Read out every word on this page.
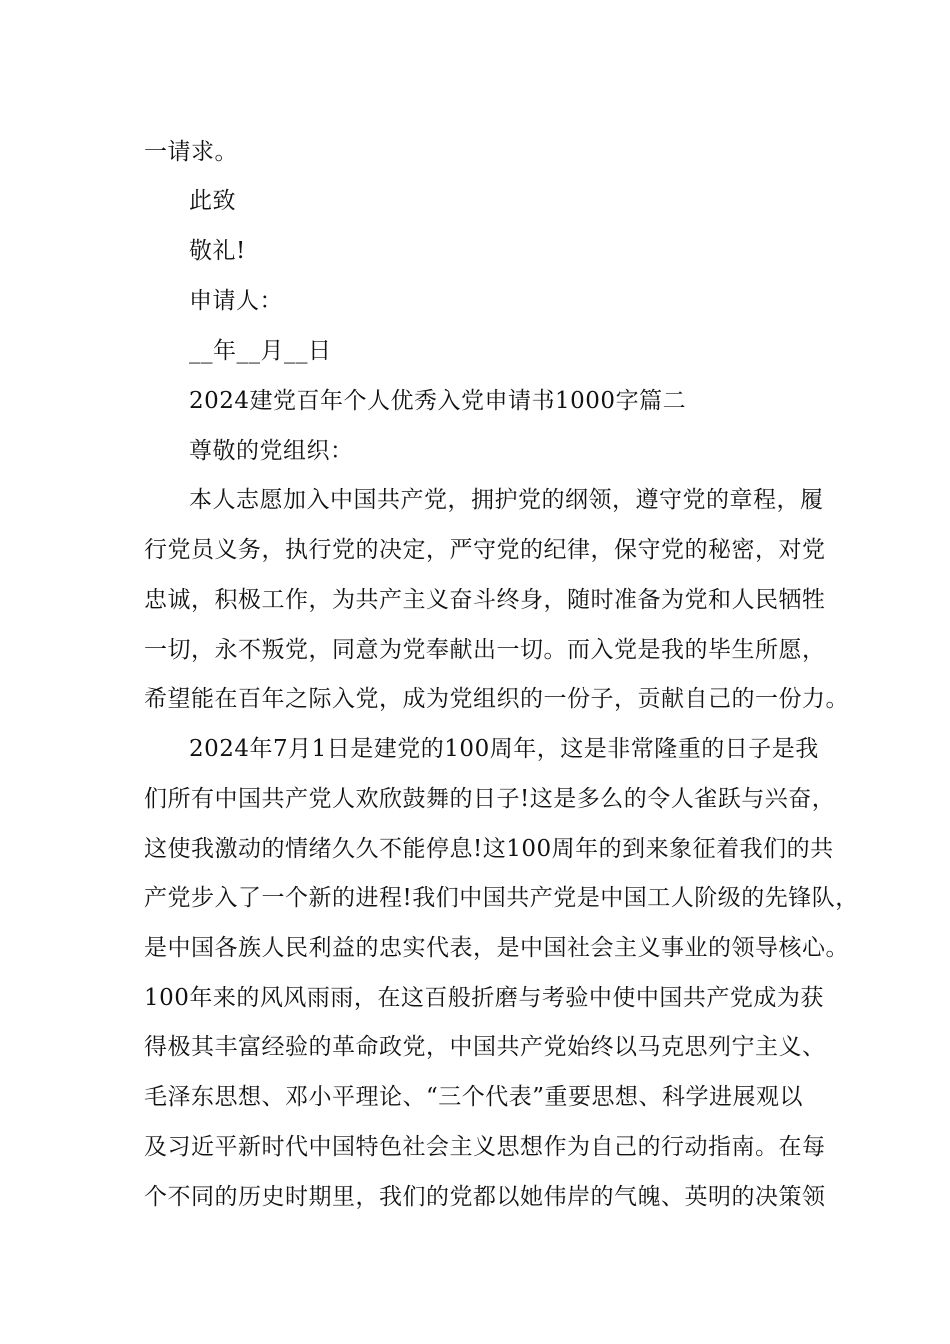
一请求。
此致
敬礼!
申请人：
__年__月__日
2024建党百年个人优秀入党申请书1000字篇二
尊敬的党组织：
本人志愿加入中国共产党，拥护党的纲领，遵守党的章程，履
行党员义务，执行党的决定，严守党的纪律，保守党的秘密，对党
忠诚，积极工作，为共产主义奋斗终身，随时准备为党和人民牺牲
一切，永不叛党，同意为党奉献出一切。而入党是我的毕生所愿，
希望能在百年之际入党，成为党组织的一份子，贡献自己的一份力。
2024年7月1日是建党的100周年，这是非常隆重的日子是我
们所有中国共产党人欢欣鼓舞的日子!这是多么的令人雀跃与兴奋，
这使我激动的情绪久久不能停息!这100周年的到来象征着我们的共
产党步入了一个新的进程!我们中国共产党是中国工人阶级的先锋队，
是中国各族人民利益的忠实代表，是中国社会主义事业的领导核心。
100年来的风风雨雨，在这百般折磨与考验中使中国共产党成为获
得极其丰富经验的革命政党，中国共产党始终以马克思列宁主义、
毛泽东思想、邓小平理论、“三个代表”重要思想、科学进展观以
及习近平新时代中国特色社会主义思想作为自己的行动指南。在每
个不同的历史时期里，我们的党都以她伟岸的气魄、英明的决策领
